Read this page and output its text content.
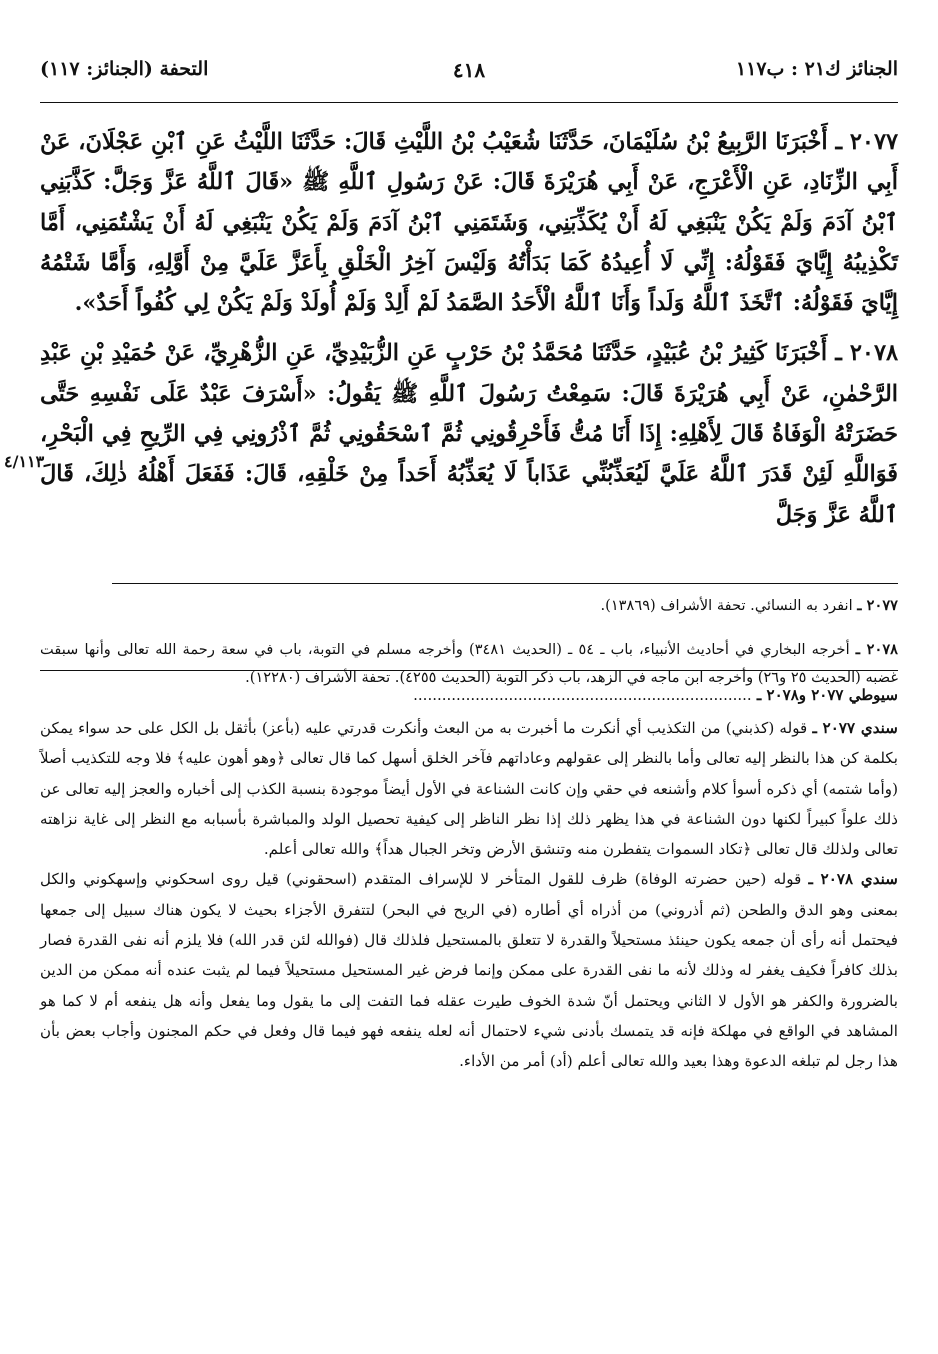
الجنائز ك٢١ : ب١١٧
٤١٨
التحفة (الجنائز: ١١٧)

٢٠٧٧ ـ أَخْبَرَنَا الرَّبِيعُ بْنُ سُلَيْمَانَ، حَدَّثَنَا شُعَيْبُ بْنُ اللَّيْثِ قَالَ: حَدَّثَنَا اللَّيْثُ عَنِ ٱبْنِ عَجْلَانَ، عَنْ أَبِي الزِّنَادِ، عَنِ الْأَعْرَجِ، عَنْ أَبِي هُرَيْرَةَ قَالَ: عَنْ رَسُولِ ٱللَّهِ ﷺ «قَالَ ٱللَّهُ عَزَّ وَجَلَّ: كَذَّبَنِي ٱبْنُ آدَمَ وَلَمْ يَكُنْ يَنْبَغِي لَهُ أَنْ يُكَذِّبَنِي، وَشَتَمَنِي ٱبْنُ آدَمَ وَلَمْ يَكُنْ يَنْبَغِي لَهُ أَنْ يَشْتُمَنِي، أَمَّا تَكْذِيبُهُ إِيَّايَ فَقَوْلُهُ: إِنِّي لَا أُعِيدُهُ كَمَا بَدَأْتُهُ وَلَيْسَ آخِرُ الْخَلْقِ بِأَعَزَّ عَلَيَّ مِنْ أَوَّلِهِ، وَأَمَّا شَتْمُهُ إِيَّايَ فَقَوْلُهُ: ٱتَّخَذَ ٱللَّهُ وَلَداً وَأَنَا ٱللَّهُ الْأَحَدُ الصَّمَدُ لَمْ أَلِدْ وَلَمْ أُولَدْ وَلَمْ يَكُنْ لِي كُفُواً أَحَدٌ».

٢٠٧٨ ـ أَخْبَرَنَا كَثِيرُ بْنُ عُبَيْدٍ، حَدَّثَنَا مُحَمَّدُ بْنُ حَرْبٍ عَنِ الزُّبَيْدِيِّ، عَنِ الزُّهْرِيِّ، عَنْ حُمَيْدِ بْنِ عَبْدِ الرَّحْمٰنِ، عَنْ أَبِي هُرَيْرَةَ قَالَ: سَمِعْتُ رَسُولَ ٱللَّهِ ﷺ يَقُولُ: «أَسْرَفَ عَبْدٌ عَلَى نَفْسِهِ حَتَّى حَضَرَتْهُ الْوَفَاةُ قَالَ لِأَهْلِهِ: إِذَا أَنَا مُتُّ فَأَحْرِقُونِي ثُمَّ ٱسْحَقُونِي ثُمَّ ٱذْرُونِي فِي الرِّيحِ فِي الْبَحْرِ، فَوَاللَّهِ لَئِنْ قَدَرَ ٱللَّهُ عَلَيَّ لَيُعَذِّبُنِّي عَذَاباً لَا يُعَذِّبُهُ أَحَداً مِنْ خَلْقِهِ، قَالَ: فَفَعَلَ أَهْلُهُ ذٰلِكَ، قَالَ ٱللَّهُ عَزَّ وَجَلَّ

٤/١١٣

٢٠٧٧ ـ انفرد به النسائي. تحفة الأشراف (١٣٨٦٩).

٢٠٧٨ ـ أخرجه البخاري في أحاديث الأنبياء، باب ـ ٥٤ ـ (الحديث ٣٤٨١) وأخرجه مسلم في التوبة، باب في سعة رحمة الله تعالى وأنها سبقت غضبه (الحديث ٢٥ و٢٦) وأخرجه ابن ماجه في الزهد، باب ذكر التوبة (الحديث ٤٢٥٥). تحفة الأشراف (١٢٢٨٠).

سيوطي ٢٠٧٧ و٢٠٧٨ ـ .......................................................................

سندي ٢٠٧٧ ـ قوله (كذبني) من التكذيب أي أنكرت ما أخبرت به من البعث وأنكرت قدرتي عليه (بأعز) بأثقل بل الكل على حد سواء يمكن بكلمة كن هذا بالنظر إليه تعالى وأما بالنظر إلى عقولهم وعاداتهم فآخر الخلق أسهل كما قال تعالى ﴿وهو أهون عليه﴾ فلا وجه للتكذيب أصلاً (وأما شتمه) أي ذكره أسوأ كلام وأشنعه في حقي وإن كانت الشناعة في الأول أيضاً موجودة بنسبة الكذب إلى أخباره والعجز إليه تعالى عن ذلك علواً كبيراً لكنها دون الشناعة في هذا يظهر ذلك إذا نظر الناظر إلى كيفية تحصيل الولد والمباشرة بأسبابه مع النظر إلى غاية نزاهته تعالى ولذلك قال تعالى ﴿تكاد السموات يتفطرن منه وتنشق الأرض وتخر الجبال هداً﴾ والله تعالى أعلم.

سندي ٢٠٧٨ ـ قوله (حين حضرته الوفاة) ظرف للقول المتأخر لا للإسراف المتقدم (اسحقوني) قيل روى اسحكوني وإسهكوني والكل بمعنى وهو الدق والطحن (ثم أذروني) من أذراه أي أطاره (في الريح في البحر) لتتفرق الأجزاء بحيث لا يكون هناك سبيل إلى جمعها فيحتمل أنه رأى أن جمعه يكون حينئذ مستحيلاً والقدرة لا تتعلق بالمستحيل فلذلك قال (فوالله لئن قدر الله) فلا يلزم أنه نفى القدرة فصار بذلك كافراً فكيف يغفر له وذلك لأنه ما نفى القدرة على ممكن وإنما فرض غير المستحيل مستحيلاً فيما لم يثبت عنده أنه ممكن من الدين بالضرورة والكفر هو الأول لا الثاني ويحتمل أنّ شدة الخوف طيرت عقله فما التفت إلى ما يقول وما يفعل وأنه هل ينفعه أم لا كما هو المشاهد في الواقع في مهلكة فإنه قد يتمسك بأدنى شيء لاحتمال أنه لعله ينفعه فهو فيما قال وفعل في حكم المجنون وأجاب بعض بأن هذا رجل لم تبلغه الدعوة وهذا بعيد والله تعالى أعلم (أد) أمر من الأداء.
